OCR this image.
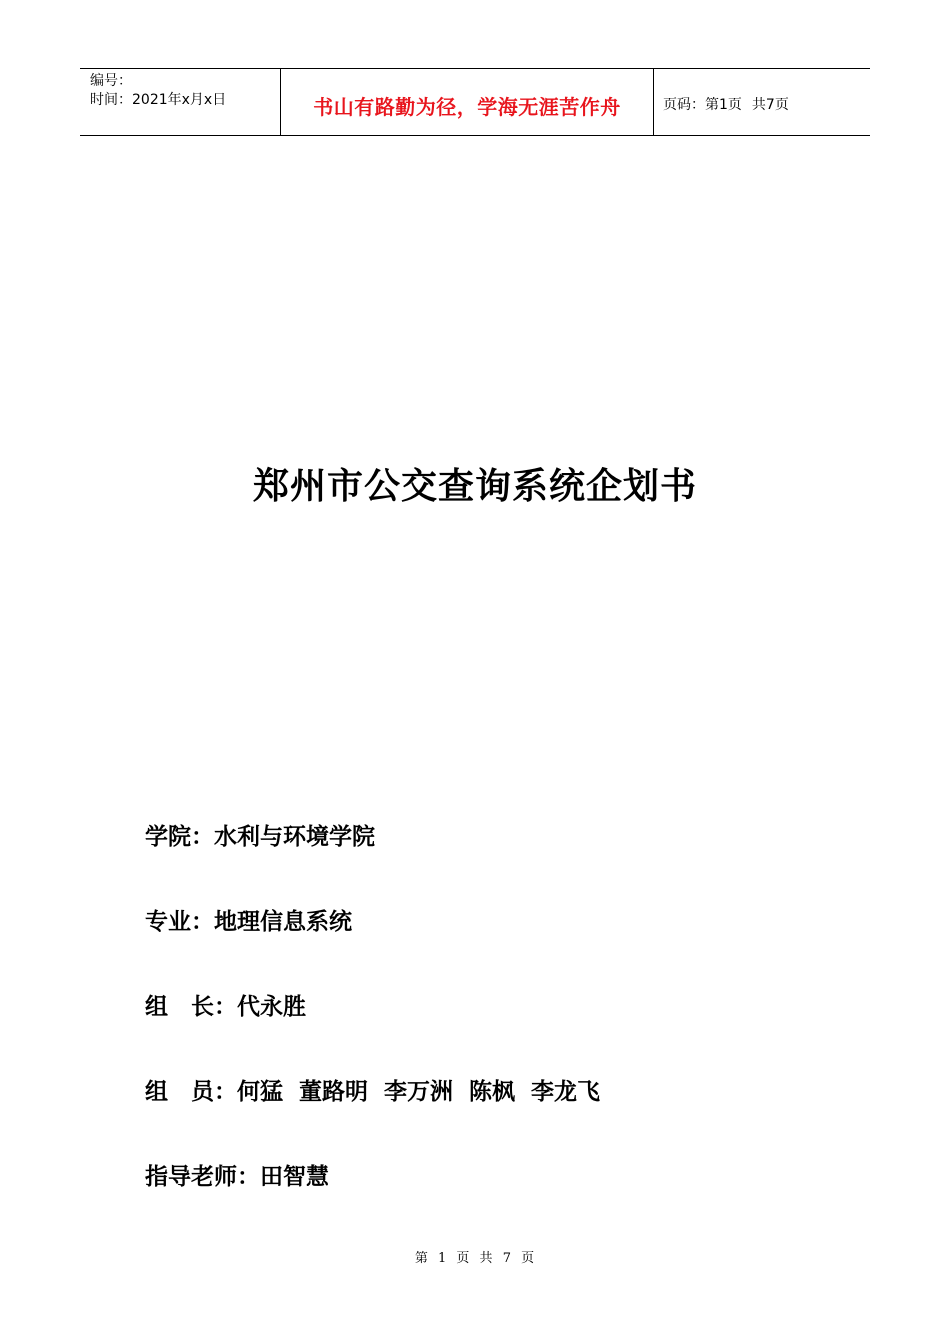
编号：
时间：2021年x月x日	书山有路勤为径，学海无涯苦作舟	页码：第1页 共7页
郑州市公交查询系统企划书
学院：水利与环境学院
专业：地理信息系统
组　长：代永胜
组　员：何猛  董路明  李万洲  陈枫  李龙飞
指导老师：田智慧
第 1 页 共 7 页
